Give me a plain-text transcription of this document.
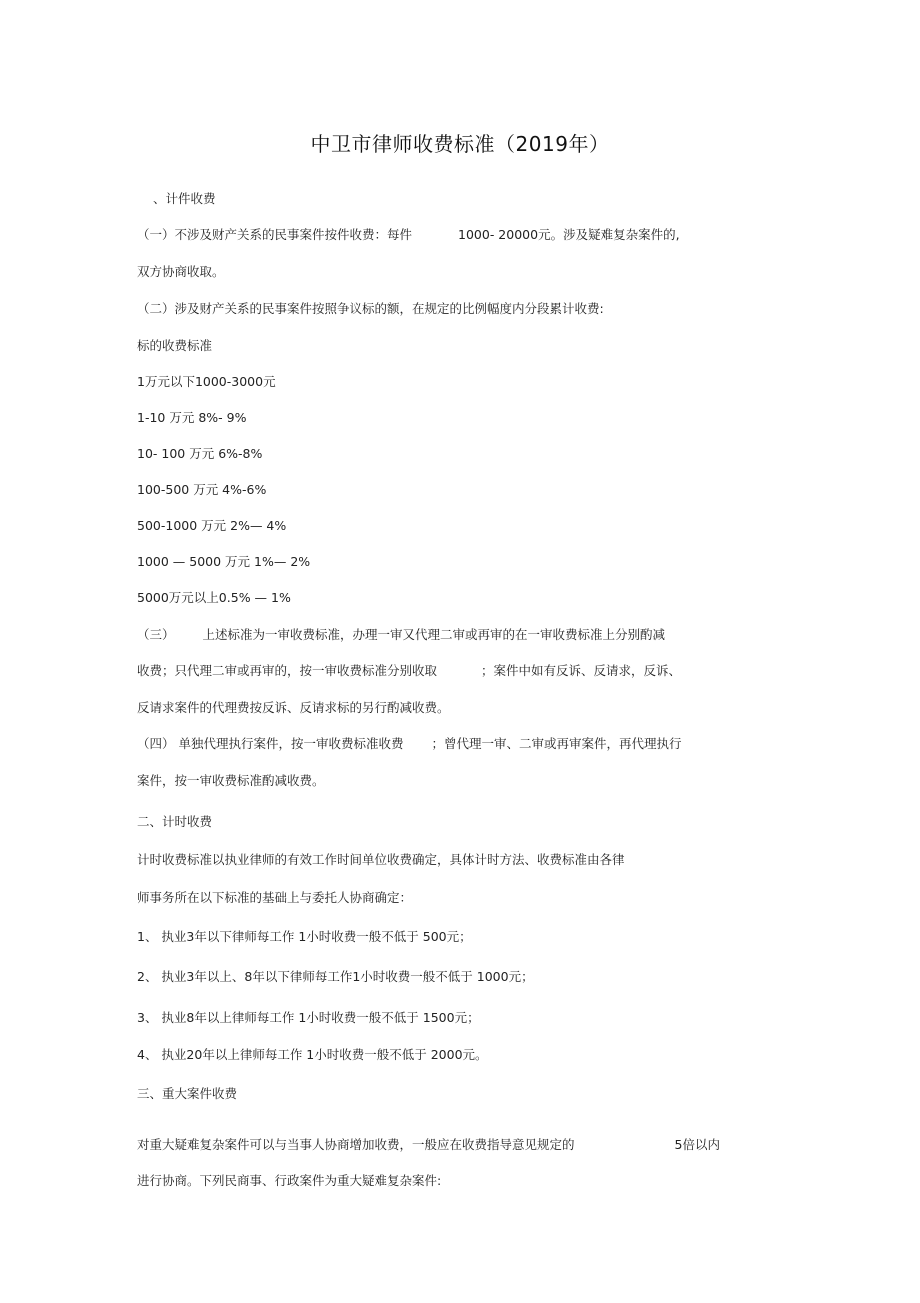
中卫市律师收费标准（2019年）
、计件收费
（一）不涉及财产关系的民事案件按件收费：每件	1000- 20000元。涉及疑难复杂案件的,
双方协商收取。
（二）涉及财产关系的民事案件按照争议标的额，在规定的比例幅度内分段累计收费:
标的收费标准
1万元以下1000-3000元
1-10 万元 8%- 9%
10- 100 万元 6%-8%
100-500 万元 4%-6%
500-1000 万元 2%— 4%
1000 — 5000 万元 1%— 2%
5000万元以上0.5% — 1%
（三） 上述标准为一审收费标准，办理一审又代理二审或再审的在一审收费标准上分别酌减
收费；只代理二审或再审的，按一审收费标准分别收取	；案件中如有反诉、反请求，反诉、
反请求案件的代理费按反诉、反请求标的另行酌减收费。
（四） 单独代理执行案件，按一审收费标准收费 ；曾代理一审、二审或再审案件，再代理执行
案件，按一审收费标准酌减收费。
二、计时收费
计时收费标准以执业律师的有效工作时间单位收费确定，具体计时方法、收费标准由各律
师事务所在以下标准的基础上与委托人协商确定：
1、 执业3年以下律师每工作 1小时收费一般不低于 500元；
2、 执业3年以上、8年以下律师每工作1小时收费一般不低于 1000元；
3、 执业8年以上律师每工作 1小时收费一般不低于 1500元；
4、 执业20年以上律师每工作 1小时收费一般不低于 2000元。
三、重大案件收费
对重大疑难复杂案件可以与当事人协商增加收费，一般应在收费指导意见规定的	5倍以内
进行协商。下列民商事、行政案件为重大疑难复杂案件:
